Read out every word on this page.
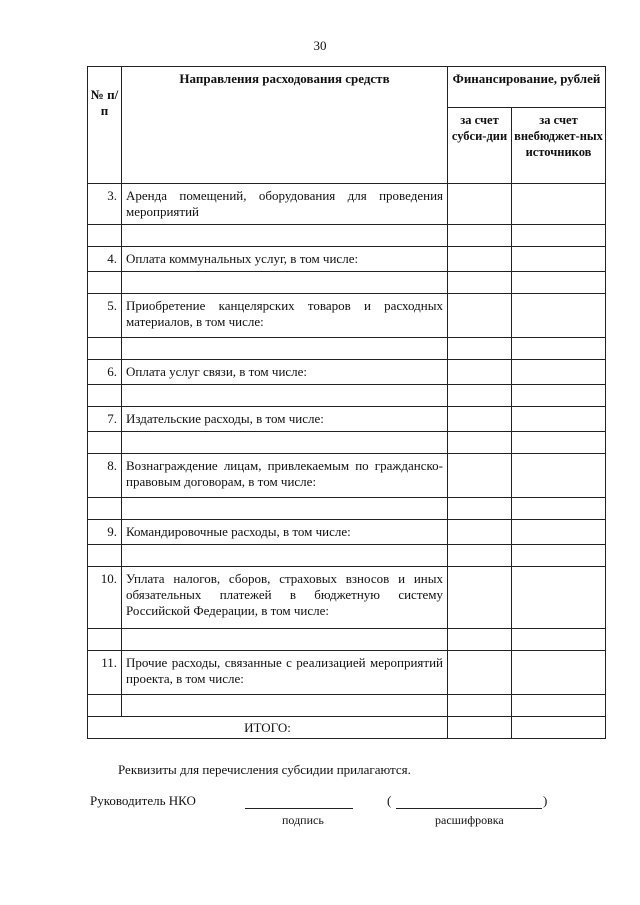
30
№ п/п	Направления расходования средств	Финансирование, рублей	
		за счет субси-дии	за счет внебюджет-ных источников
3.	Аренда помещений, оборудования для проведения мероприятий		

4.	Оплата коммунальных услуг, в том числе:		

5.	Приобретение канцелярских товаров и расходных материалов, в том числе:		

6.	Оплата услуг связи, в том числе:		

7.	Издательские расходы, в том числе:		

8.	Вознаграждение лицам, привлекаемым по гражданско-правовым договорам, в том числе:		

9.	Командировочные расходы, в том числе:		

10.	Уплата налогов, сборов, страховых взносов и иных обязательных платежей в бюджетную систему Российской Федерации, в том числе:		

11.	Прочие расходы, связанные с реализацией мероприятий проекта, в том числе:		

ИТОГО:			
Реквизиты для перечисления субсидии прилагаются.
Руководитель НКО	(	)
подпись	расшифровка
